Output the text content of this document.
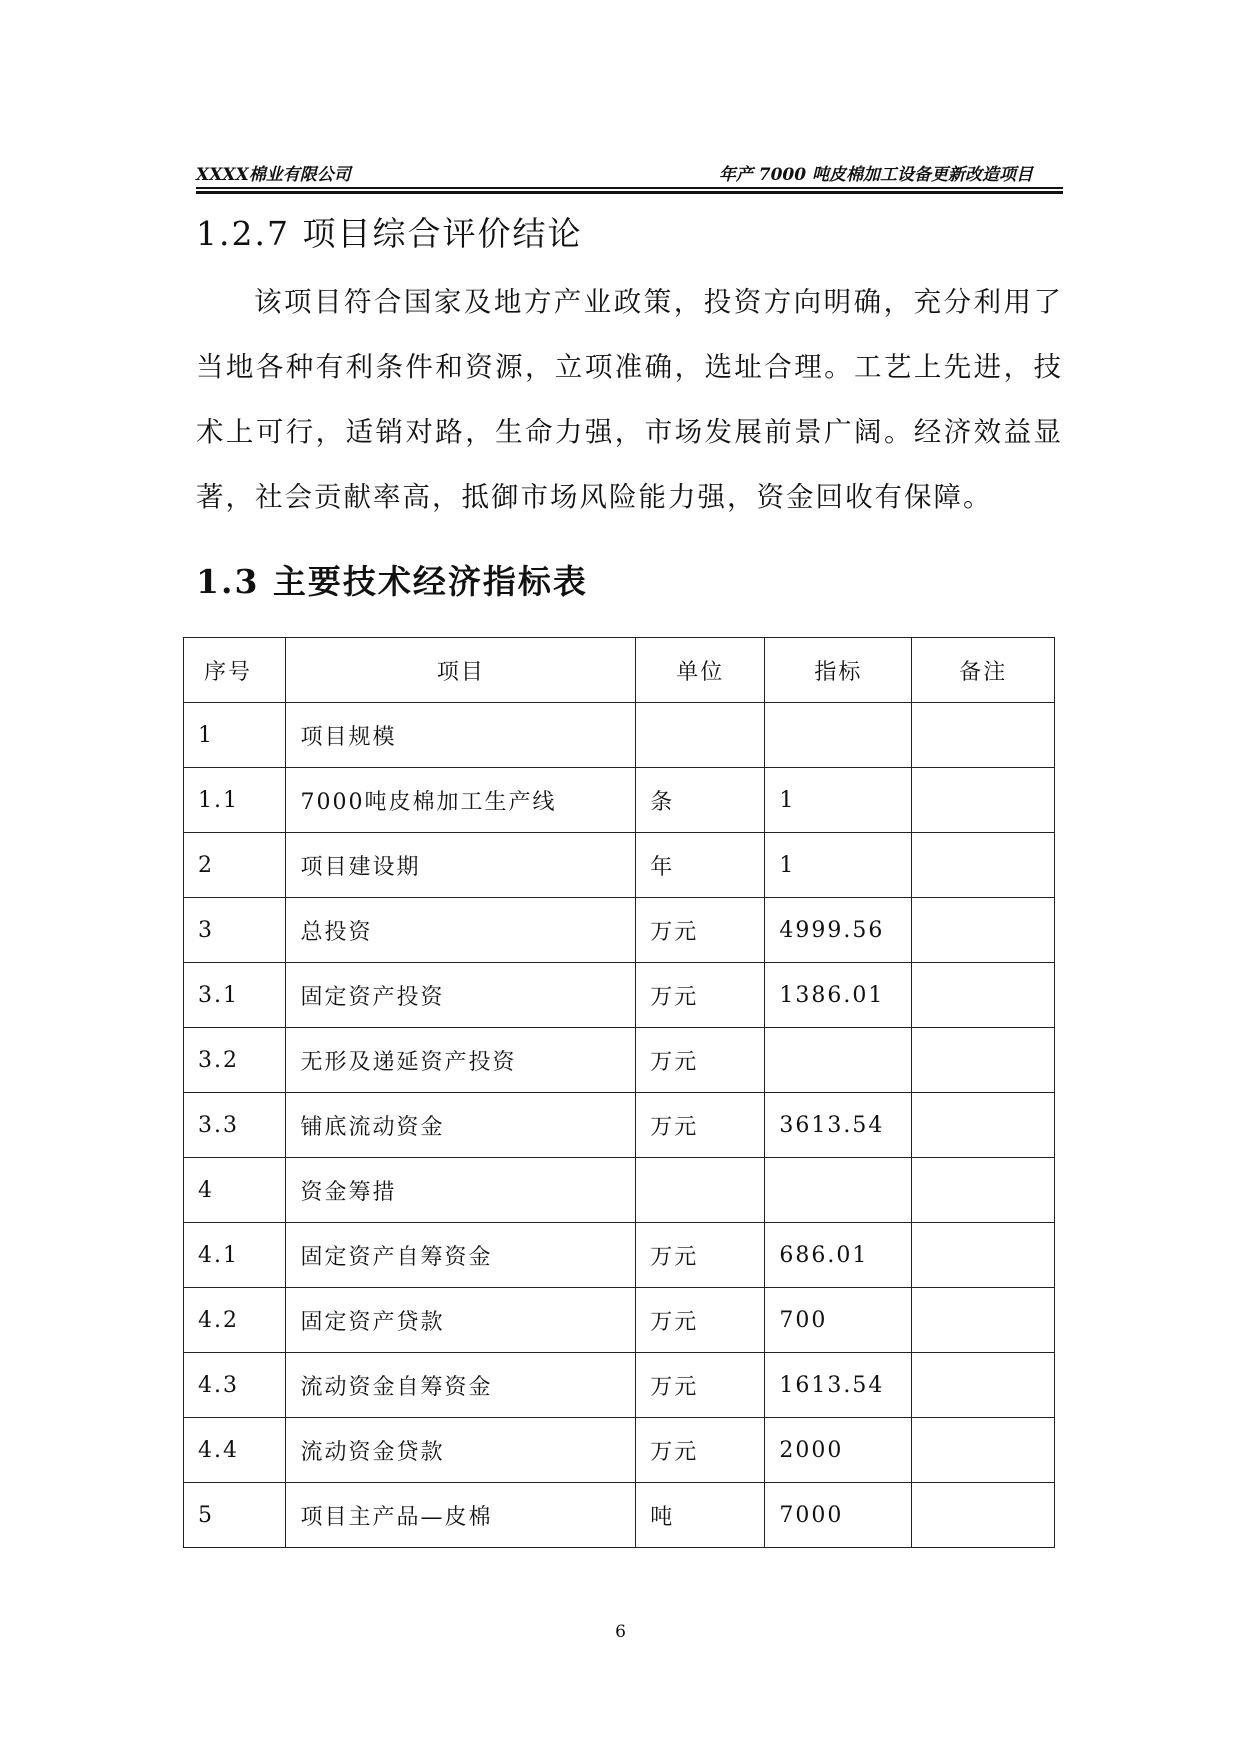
XXXX棉业有限公司	年产 7000 吨皮棉加工设备更新改造项目
1.2.7 项目综合评价结论
该项目符合国家及地方产业政策，投资方向明确，充分利用了当地各种有利条件和资源，立项准确，选址合理。工艺上先进，技术上可行，适销对路，生命力强，市场发展前景广阔。经济效益显著，社会贡献率高，抵御市场风险能力强，资金回收有保障。
1.3 主要技术经济指标表
序号	项目	单位	指标	备注
1	项目规模			
1.1	7000吨皮棉加工生产线	条	1	
2	项目建设期	年	1	
3	总投资	万元	4999.56	
3.1	固定资产投资	万元	1386.01	
3.2	无形及递延资产投资	万元		
3.3	铺底流动资金	万元	3613.54	
4	资金筹措			
4.1	固定资产自筹资金	万元	686.01	
4.2	固定资产贷款	万元	700	
4.3	流动资金自筹资金	万元	1613.54	
4.4	流动资金贷款	万元	2000	
5	项目主产品—皮棉	吨	7000	
6
